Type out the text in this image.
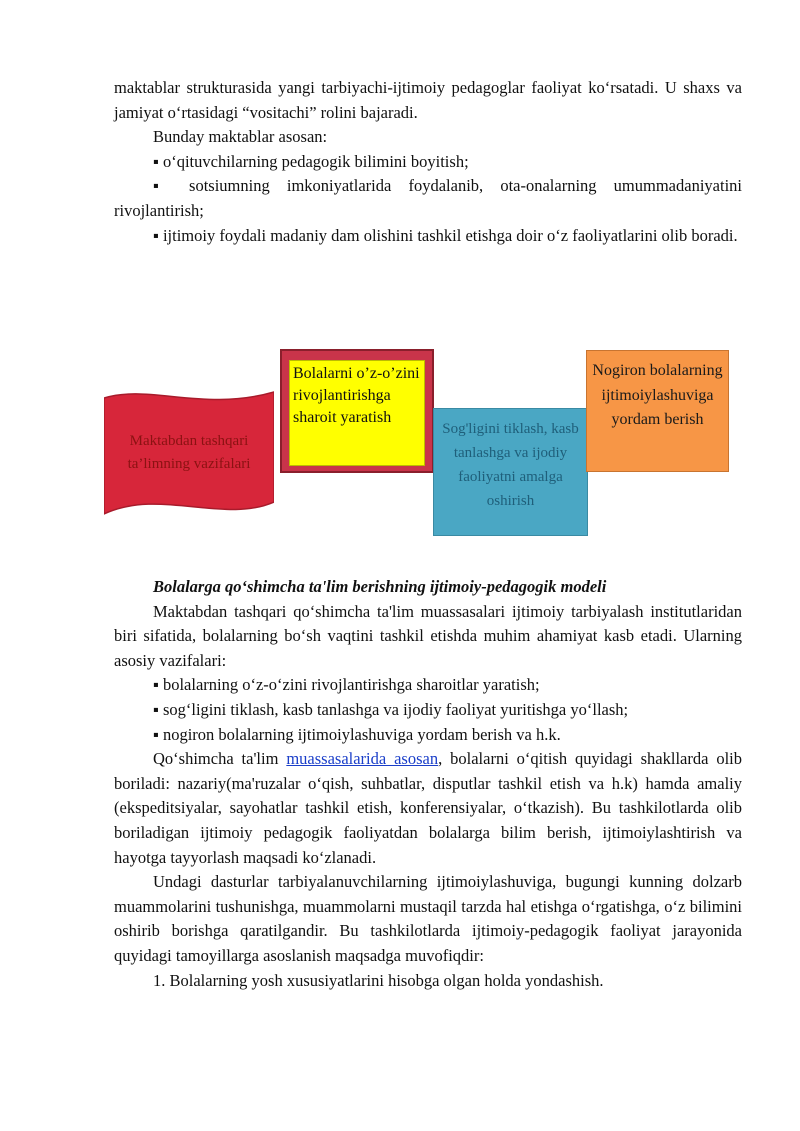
maktablar strukturasida yangi tarbiyachi-ijtimoiy pedagoglar faoliyat ko‘rsatadi. U shaxs va jamiyat o‘rtasidagi “vositachi” rolini bajaradi.

Bunday maktablar asosan:

▪ o‘qituvchilarning pedagogik bilimini boyitish;

▪ sotsiumning imkoniyatlarida foydalanib, ota-onalarning umummadaniyatini rivojlantirish;

▪ ijtimoiy foydali madaniy dam olishini tashkil etishga doir o‘z faoliyatlarini olib boradi.

Maktabdan tashqari ta’limning vazifalari
Bolalarni o’z-o’zini rivojlantirishga sharoit yaratish
Sog'ligini tiklash, kasb tanlashga va ijodiy faoliyatni amalga oshirish
Nogiron bolalarning ijtimoiylashuviga yordam berish

Bolalarga qo‘shimcha ta'lim berishning ijtimoiy-pedagogik modeli

Maktabdan tashqari qo‘shimcha ta'lim muassasalari ijtimoiy tarbiyalash institutlaridan biri sifatida, bolalarning bo‘sh vaqtini tashkil etishda muhim ahamiyat kasb etadi. Ularning asosiy vazifalari:

▪ bolalarning o‘z-o‘zini rivojlantirishga sharoitlar yaratish;

▪ sog‘ligini tiklash, kasb tanlashga va ijodiy faoliyat yuritishga yo‘llash;

▪ nogiron bolalarning ijtimoiylashuviga yordam berish va h.k.

Qo‘shimcha ta'lim muassasalarida asosan, bolalarni o‘qitish quyidagi shakllarda olib boriladi: nazariy(ma'ruzalar o‘qish, suhbatlar, disputlar tashkil etish va h.k) hamda amaliy (ekspeditsiyalar, sayohatlar tashkil etish, konferensiyalar, o‘tkazish). Bu tashkilotlarda olib boriladigan ijtimoiy pedagogik faoliyatdan bolalarga bilim berish, ijtimoiylashtirish va hayotga tayyorlash maqsadi ko‘zlanadi.

Undagi dasturlar tarbiyalanuvchilarning ijtimoiylashuviga, bugungi kunning dolzarb muammolarini tushunishga, muammolarni mustaqil tarzda hal etishga o‘rgatishga, o‘z bilimini oshirib borishga qaratilgandir. Bu tashkilotlarda ijtimoiy-pedagogik faoliyat jarayonida quyidagi tamoyillarga asoslanish maqsadga muvofiqdir:

1. Bolalarning yosh xususiyatlarini hisobga olgan holda yondashish.
